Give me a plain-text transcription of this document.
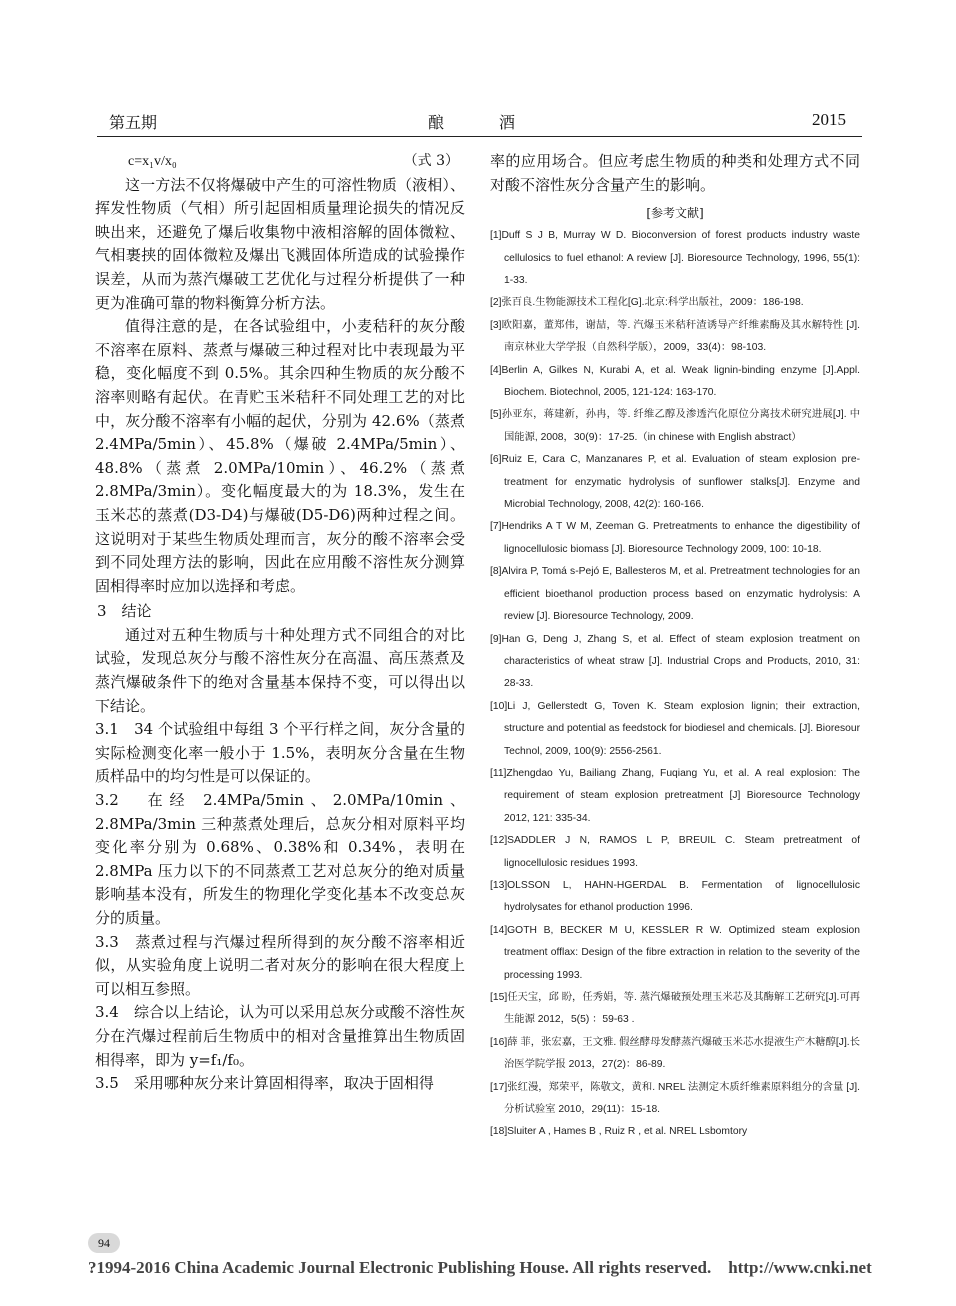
第五期	酿酒	2015
c=x₁v/x₀	（式 3）

这一方法不仅将爆破中产生的可溶性物质（液相）、挥发性物质（气相）所引起固相质量理论损失的情况反映出来，还避免了爆后收集物中液相溶解的固体微粒、气相裹挟的固体微粒及爆出飞溅固体所造成的试验操作误差，从而为蒸汽爆破工艺优化与过程分析提供了一种更为准确可靠的物料衡算分析方法。

值得注意的是，在各试验组中，小麦秸秆的灰分酸不溶率在原料、蒸煮与爆破三种过程对比中表现最为平稳，变化幅度不到 0.5%。其余四种生物质的灰分酸不溶率则略有起伏。在青贮玉米秸秆不同处理工艺的对比中，灰分酸不溶率有小幅的起伏，分别为 42.6%（蒸煮 2.4MPa/5min）、45.8%（爆破 2.4MPa/5min）、48.8%（蒸煮 2.0MPa/10min）、46.2%（蒸煮 2.8MPa/3min）。变化幅度最大的为 18.3%，发生在玉米芯的蒸煮(D3-D4)与爆破(D5-D6)两种过程之间。这说明对于某些生物质处理而言，灰分的酸不溶率会受到不同处理方法的影响，因此在应用酸不溶性灰分测算固相得率时应加以选择和考虑。

3　结论

通过对五种生物质与十种处理方式不同组合的对比试验，发现总灰分与酸不溶性灰分在高温、高压蒸煮及蒸汽爆破条件下的绝对含量基本保持不变，可以得出以下结论。

3.1　34 个试验组中每组 3 个平行样之间，灰分含量的实际检测变化率一般小于 1.5%，表明灰分含量在生物质样品中的均匀性是可以保证的。

3.2　在经 2.4MPa/5min、2.0MPa/10min、2.8MPa/3min 三种蒸煮处理后，总灰分相对原料平均变化率分别为 0.68%、0.38%和 0.34%，表明在 2.8MPa 压力以下的不同蒸煮工艺对总灰分的绝对质量影响基本没有，所发生的物理化学变化基本不改变总灰分的质量。

3.3　蒸煮过程与汽爆过程所得到的灰分酸不溶率相近似，从实验角度上说明二者对灰分的影响在很大程度上可以相互参照。

3.4　综合以上结论，认为可以采用总灰分或酸不溶性灰分在汽爆过程前后生物质中的相对含量推算出生物质固相得率，即为 y=f₁/f₀。

3.5　采用哪种灰分来计算固相得率，取决于固相得

率的应用场合。但应考虑生物质的种类和处理方式不同对酸不溶性灰分含量产生的影响。

[参考文献]
[1]Duff S J B, Murray W D. Bioconversion of forest products industry waste cellulosics to fuel ethanol: A review [J]. Bioresource Technology, 1996, 55(1): 1-33.
[2]张百良.生物能源技术工程化[G].北京:科学出版社，2009：186-198.
[3]欧阳嘉，董郑伟，谢喆，等. 汽爆玉米秸秆渣诱导产纤维素酶及其水解特性 [J]. 南京林业大学学报（自然科学版），2009，33(4)：98-103.
[4]Berlin A, Gilkes N, Kurabi A, et al. Weak lignin-binding enzyme [J].Appl. Biochem. Biotechnol, 2005, 121-124: 163-170.
[5]孙亚东，蒋建新，孙冉，等. 纤维乙醇及渗透汽化原位分离技术研究进展[J]. 中国能源, 2008，30(9)：17-25.（in chinese with English abstract）
[6]Ruiz E, Cara C, Manzanares P, et al. Evaluation of steam explosion pre-treatment for enzymatic hydrolysis of sunflower stalks[J]. Enzyme and Microbial Technology, 2008, 42(2): 160-166.
[7]Hendriks A T W M, Zeeman G. Pretreatments to enhance the digestibility of lignocellulosic biomass [J]. Bioresource Technology 2009, 100: 10-18.
[8]Alvira P, Tomá s-Pejó E, Ballesteros M, et al. Pretreatment technologies for an efficient bioethanol production process based on enzymatic hydrolysis: A review [J]. Bioresource Technology, 2009.
[9]Han G, Deng J, Zhang S, et al. Effect of steam explosion treatment on characteristics of wheat straw [J]. Industrial Crops and Products, 2010, 31: 28-33.
[10]Li J, Gellerstedt G, Toven K. Steam explosion lignin; their extraction, structure and potential as feedstock for biodiesel and chemicals. [J]. Bioresour Technol, 2009, 100(9): 2556-2561.
[11]Zhengdao Yu, Bailiang Zhang, Fuqiang Yu, et al. A real explosion: The requirement of steam explosion pretreatment [J] Bioresource Technology 2012, 121: 335-34.
[12]SADDLER J N, RAMOS L P, BREUIL C. Steam pretreatment of lignocellulosic residues 1993.
[13]OLSSON L, HAHN-HGERDAL B. Fermentation of lignocellulosic hydrolysates for ethanol production 1996.
[14]GOTH B, BECKER M U, KESSLER R W. Optimized steam explosion treatment offlax: Design of the fibre extraction in relation to the severity of the processing 1993.
[15]任天宝，邱 盼，任秀娟，等. 蒸汽爆破预处理玉米芯及其酶解工艺研究[J].可再生能源 2012，5(5) ：59-63 .
[16]薛 菲，张宏嘉，王文雅. 假丝酵母发酵蒸汽爆破玉米芯水提液生产木糖醇[J].长治医学院学报 2013，27(2)：86-89.
[17]张红漫，郑荣平，陈敬文，黄和. NREL 法测定木质纤维素原料组分的含量 [J].分析试验室 2010，29(11)：15-18.
[18]Sluiter A , Hames B , Ruiz R , et al. NREL Lsbomtory
94
?1994-2016 China Academic Journal Electronic Publishing House. All rights reserved.    http://www.cnki.net
